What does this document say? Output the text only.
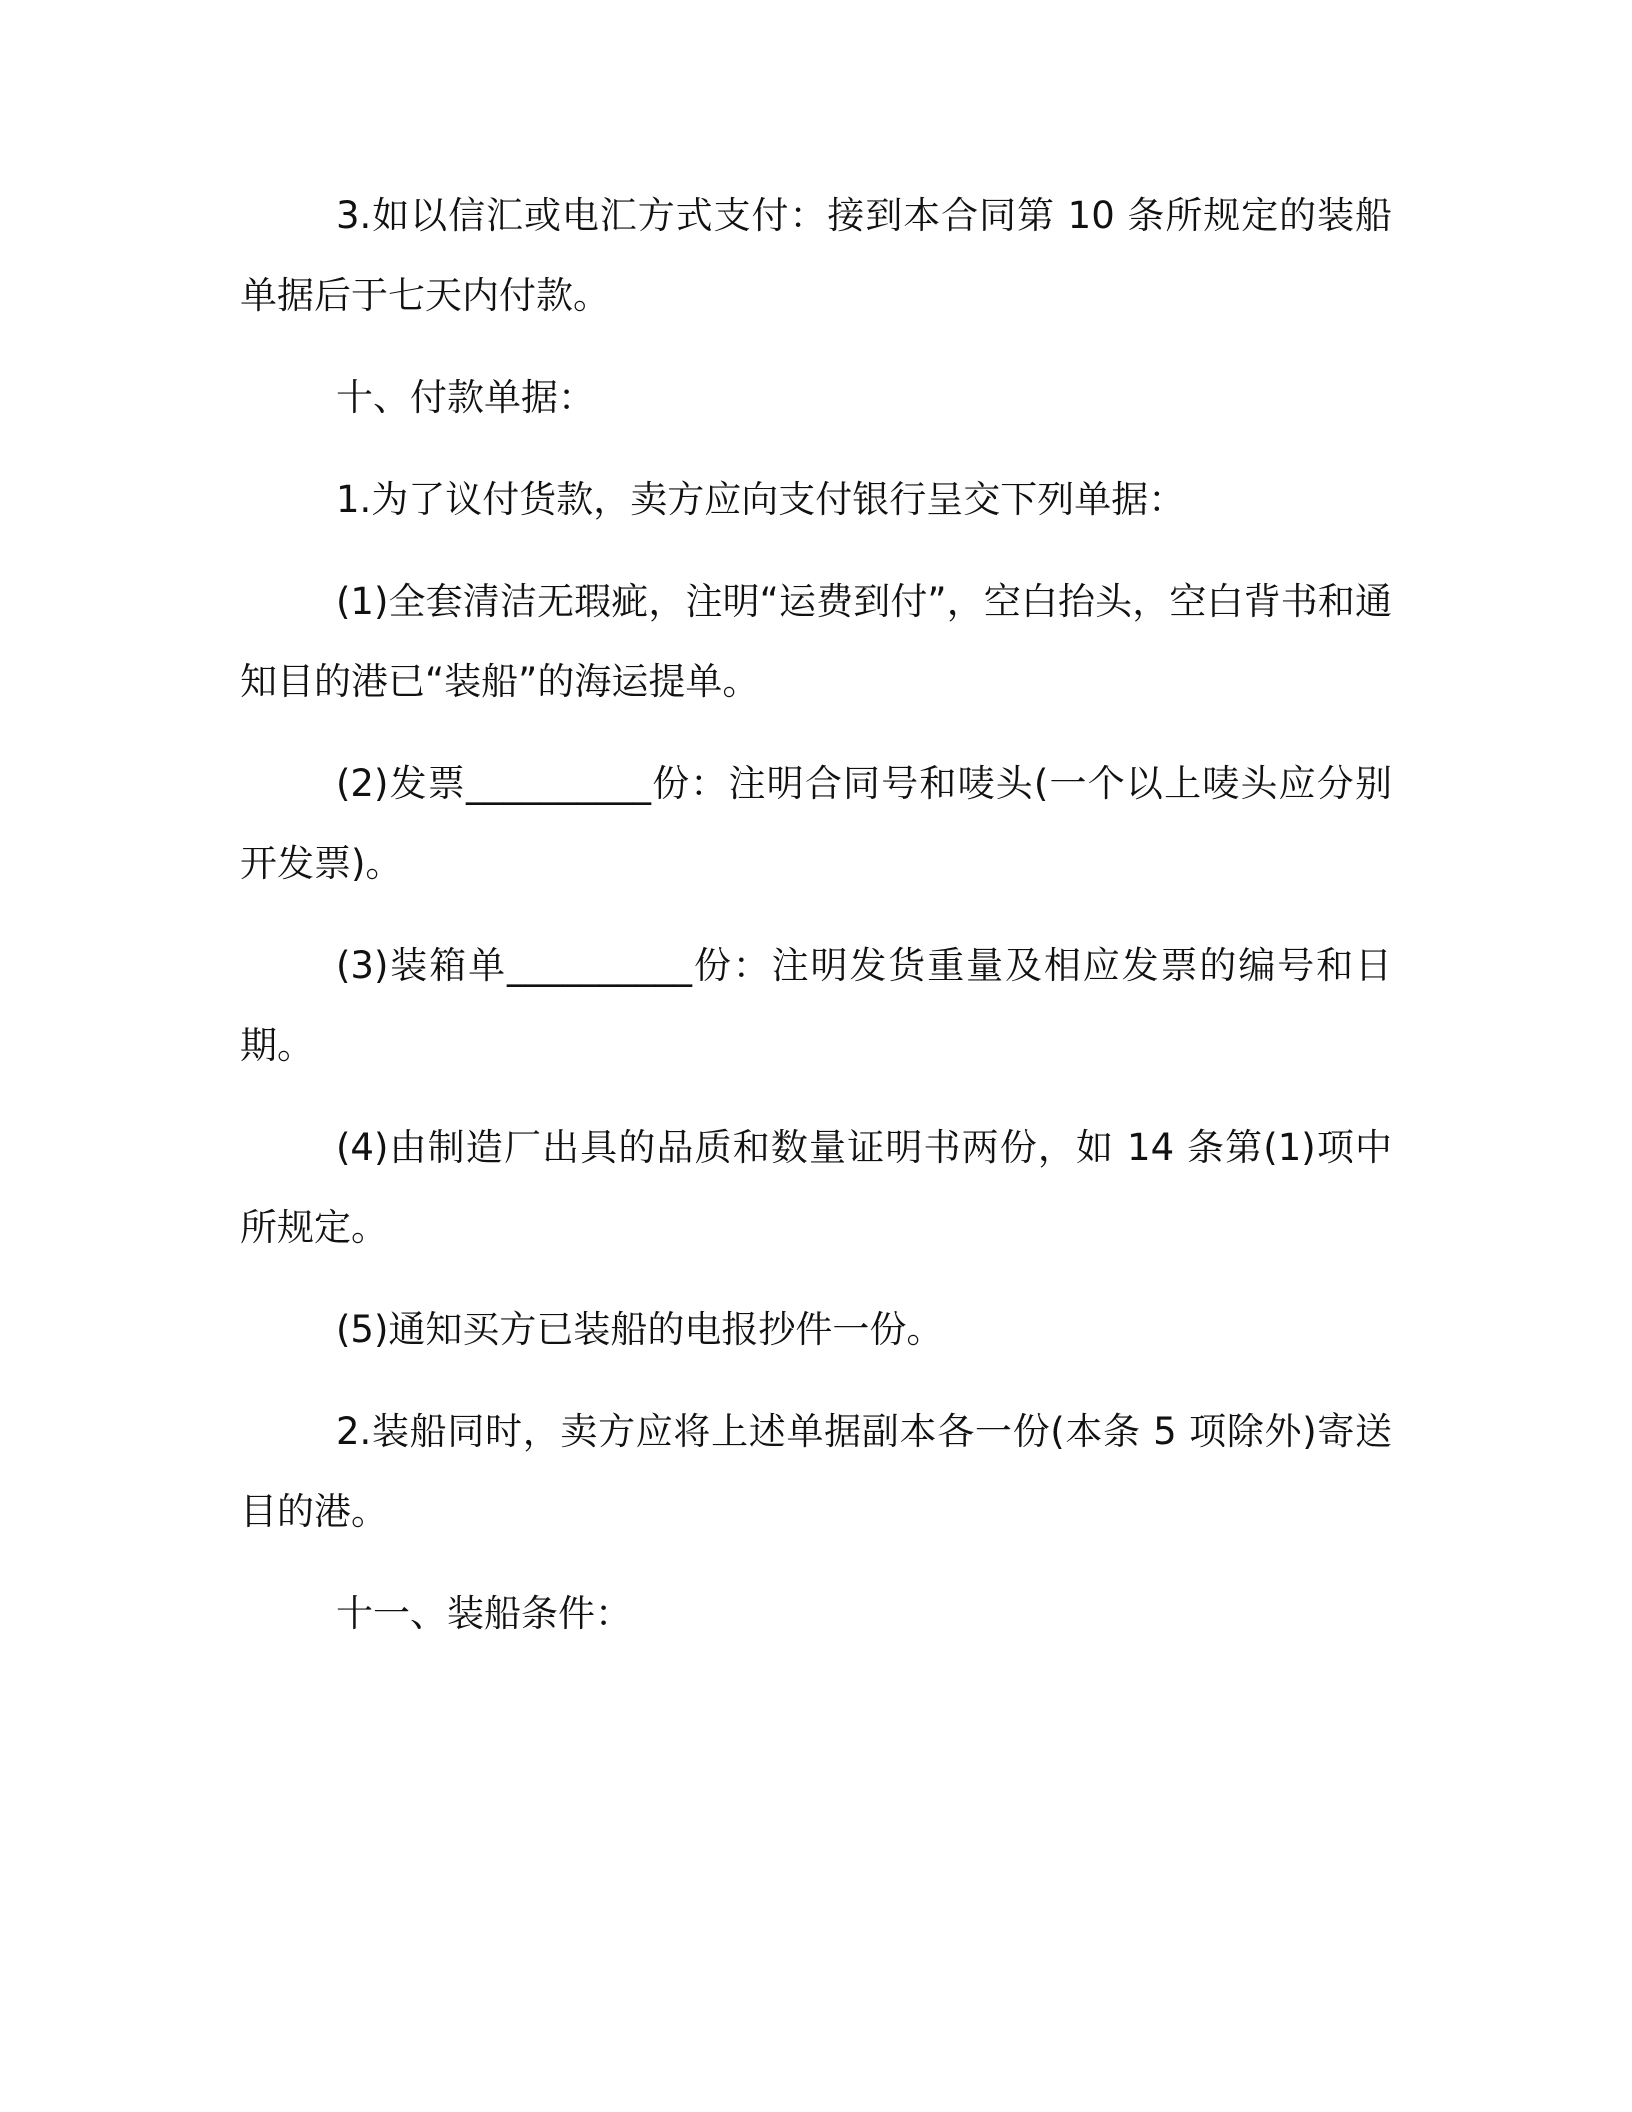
3.如以信汇或电汇方式支付：接到本合同第 10 条所规定的装船单据后于七天内付款。

十、付款单据：

1.为了议付货款，卖方应向支付银行呈交下列单据：

(1)全套清洁无瑕疵，注明“运费到付”，空白抬头，空白背书和通知目的港已“装船”的海运提单。

(2)发票__________份：注明合同号和唛头(一个以上唛头应分别开发票)。

(3)装箱单__________份：注明发货重量及相应发票的编号和日期。

(4)由制造厂出具的品质和数量证明书两份，如 14 条第(1)项中所规定。

(5)通知买方已装船的电报抄件一份。

2.装船同时，卖方应将上述单据副本各一份(本条 5 项除外)寄送目的港。

十一、装船条件：
